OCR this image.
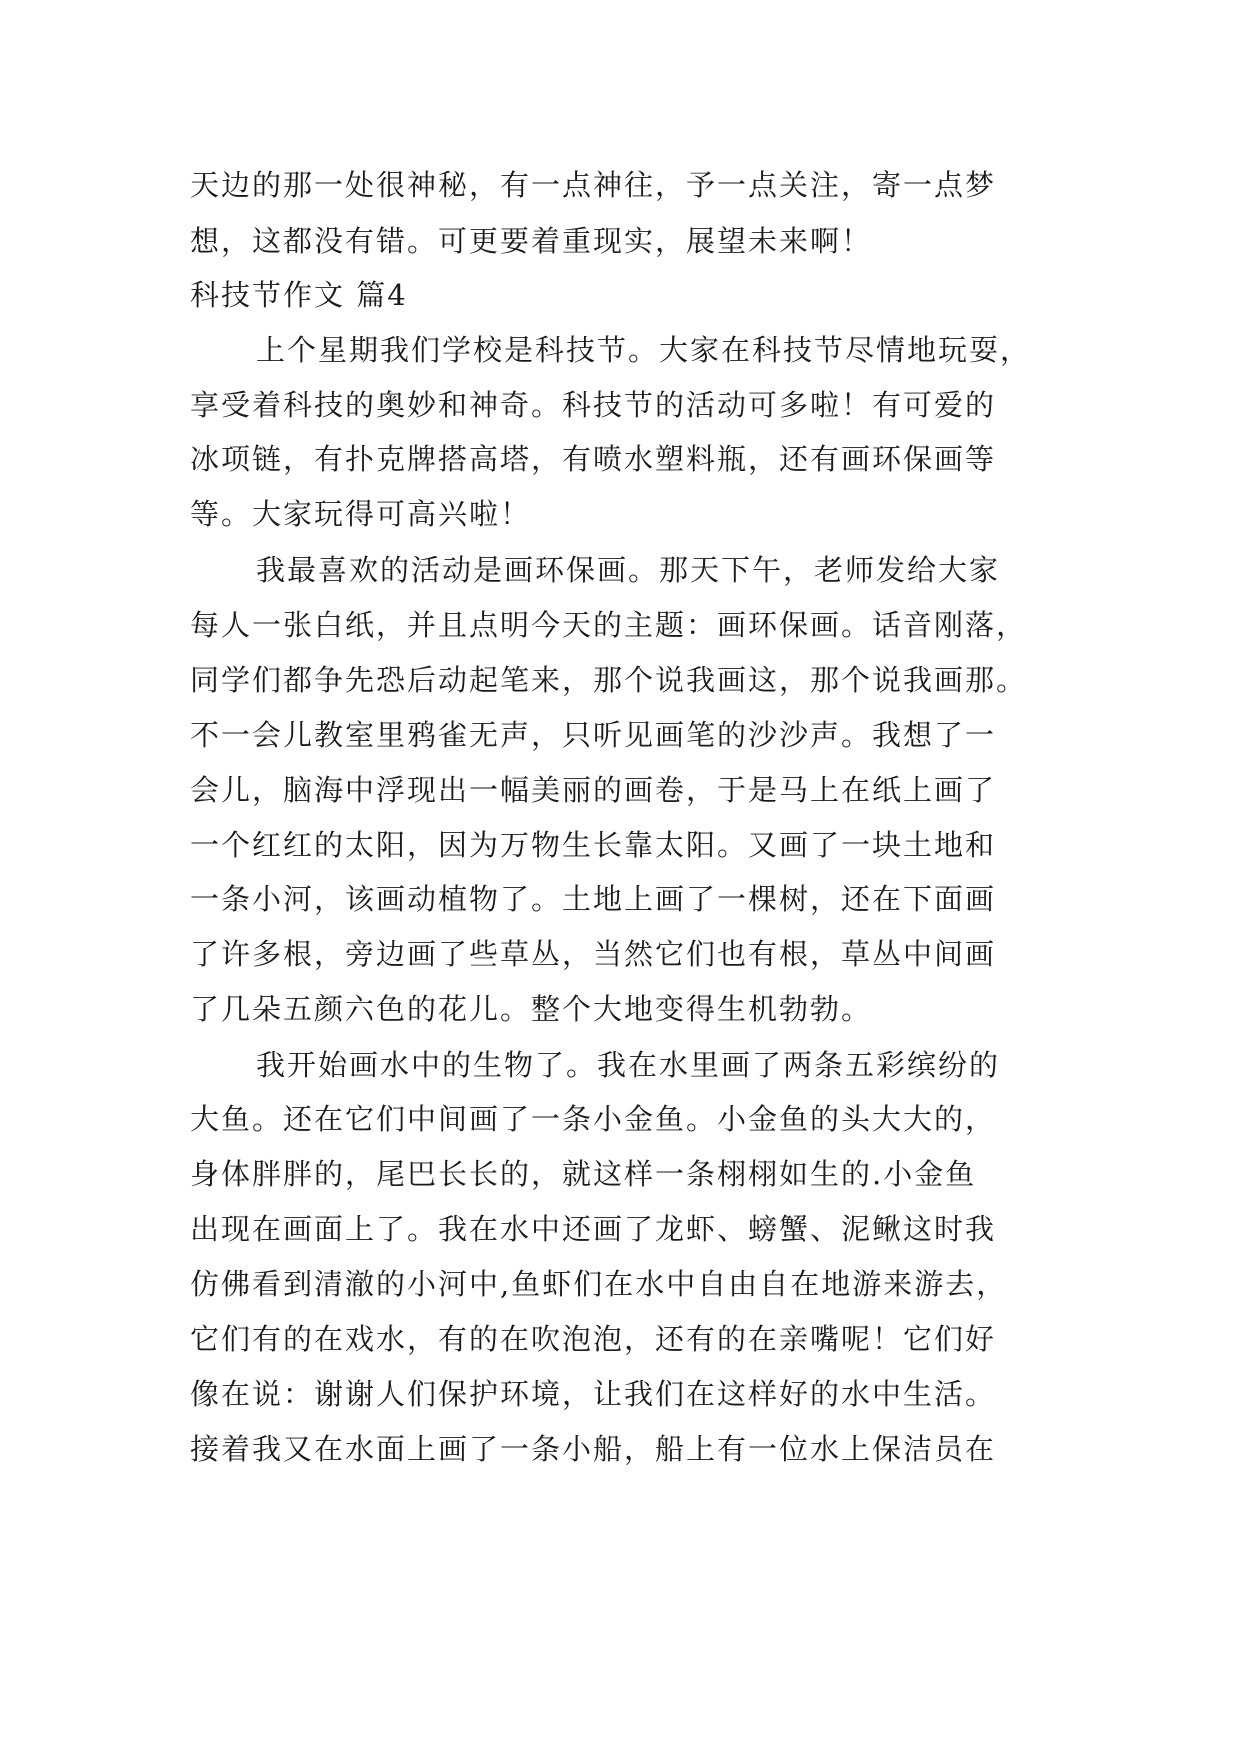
天边的那一处很神秘，有一点神往，予一点关注，寄一点梦
想，这都没有错。可更要着重现实，展望未来啊！
科技节作文 篇4
上个星期我们学校是科技节。大家在科技节尽情地玩耍，
享受着科技的奥妙和神奇。科技节的活动可多啦！有可爱的
冰项链，有扑克牌搭高塔，有喷水塑料瓶，还有画环保画等
等。大家玩得可高兴啦！
我最喜欢的活动是画环保画。那天下午，老师发给大家
每人一张白纸，并且点明今天的主题：画环保画。话音刚落，
同学们都争先恐后动起笔来，那个说我画这，那个说我画那。
不一会儿教室里鸦雀无声，只听见画笔的沙沙声。我想了一
会儿，脑海中浮现出一幅美丽的画卷，于是马上在纸上画了
一个红红的太阳，因为万物生长靠太阳。又画了一块土地和
一条小河，该画动植物了。土地上画了一棵树，还在下面画
了许多根，旁边画了些草丛，当然它们也有根，草丛中间画
了几朵五颜六色的花儿。整个大地变得生机勃勃。
我开始画水中的生物了。我在水里画了两条五彩缤纷的
大鱼。还在它们中间画了一条小金鱼。小金鱼的头大大的，
身体胖胖的，尾巴长长的，就这样一条栩栩如生的.小金鱼
出现在画面上了。我在水中还画了龙虾、螃蟹、泥鳅这时我
仿佛看到清澈的小河中,鱼虾们在水中自由自在地游来游去，
它们有的在戏水，有的在吹泡泡，还有的在亲嘴呢！它们好
像在说：谢谢人们保护环境，让我们在这样好的水中生活。
接着我又在水面上画了一条小船，船上有一位水上保洁员在
